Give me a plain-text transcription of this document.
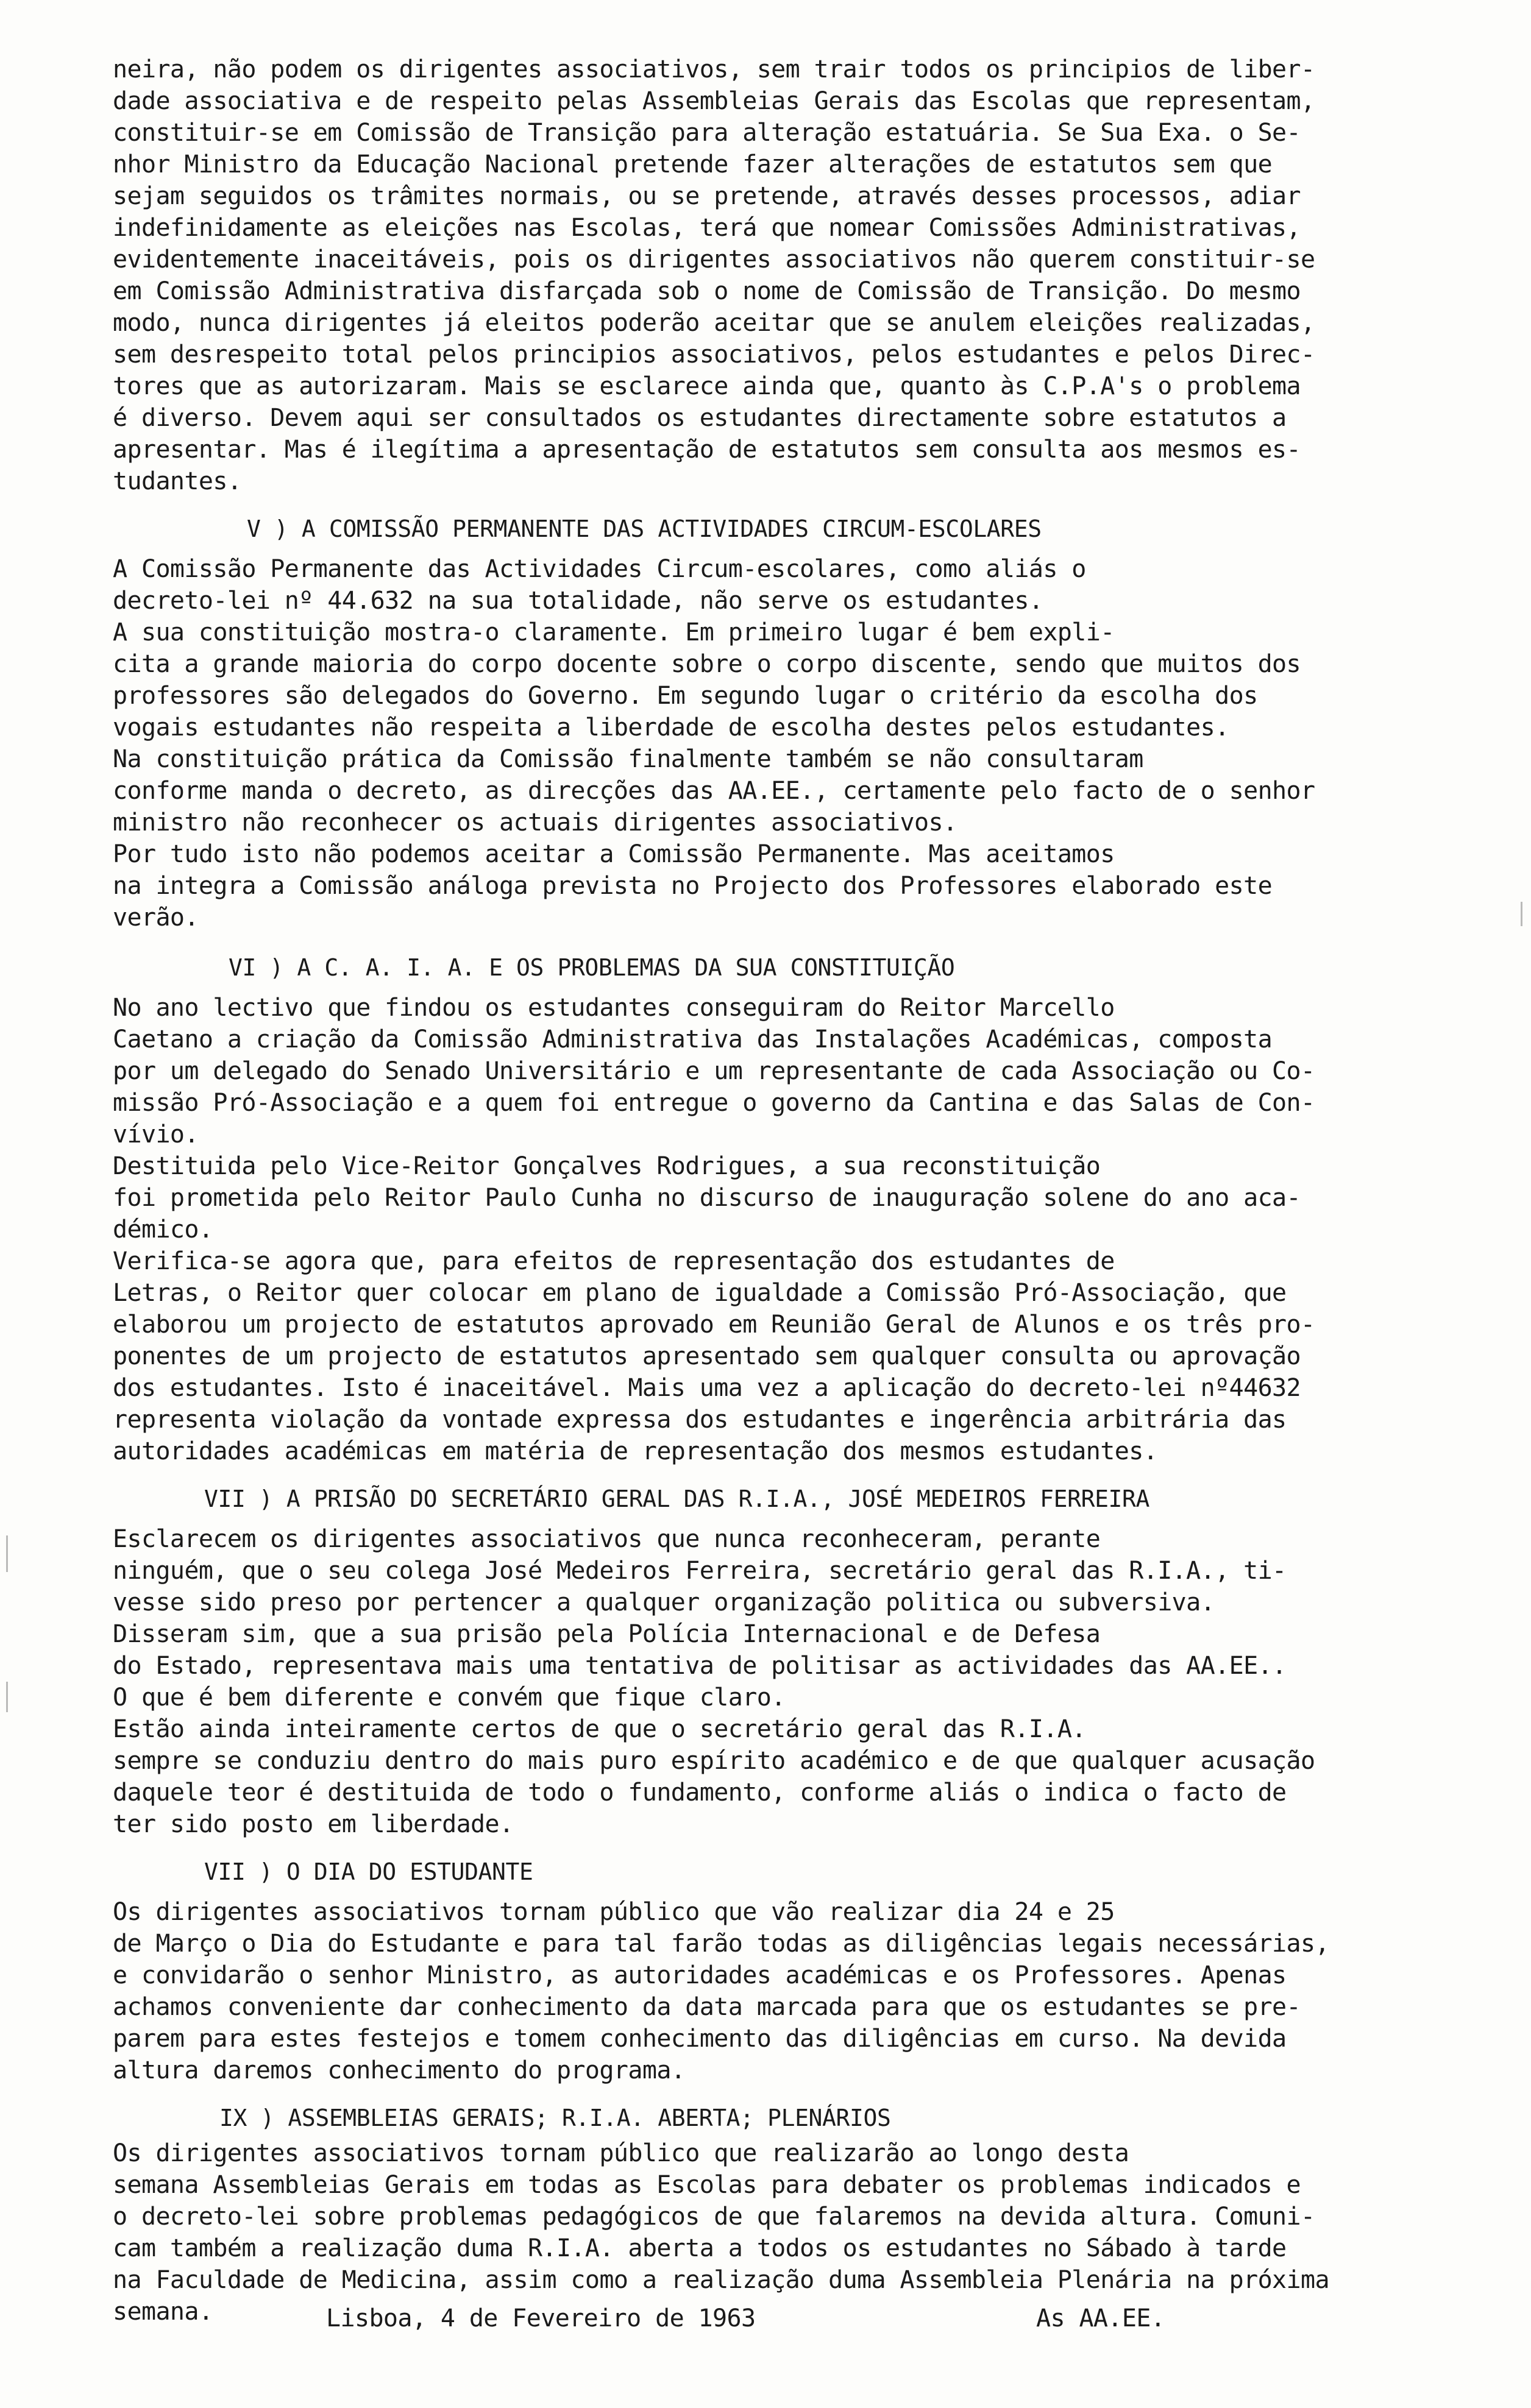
neira, não podem os dirigentes associativos, sem trair todos os principios de liber-
dade associativa e de respeito pelas Assembleias Gerais das Escolas que representam,
constituir-se em Comissão de Transição para alteração estatuária. Se Sua Exa. o Se-
nhor Ministro da Educação Nacional pretende fazer alterações de estatutos sem que
sejam seguidos os trâmites normais, ou se pretende, através desses processos, adiar
indefinidamente as eleições nas Escolas, terá que nomear Comissões Administrativas,
evidentemente inaceitáveis, pois os dirigentes associativos não querem constituir-se
em Comissão Administrativa disfarçada sob o nome de Comissão de Transição. Do mesmo
modo, nunca dirigentes já eleitos poderão aceitar que se anulem eleições realizadas,
sem desrespeito total pelos principios associativos, pelos estudantes e pelos Direc-
tores que as autorizaram. Mais se esclarece ainda que, quanto às C.P.A's o problema
é diverso. Devem aqui ser consultados os estudantes directamente sobre estatutos a
apresentar. Mas é ilegítima a apresentação de estatutos sem consulta aos mesmos es-
tudantes.
V ) A COMISSÃO PERMANENTE DAS ACTIVIDADES CIRCUM-ESCOLARES
A Comissão Permanente das Actividades Circum-escolares, como aliás o
decreto-lei nº 44.632 na sua totalidade, não serve os estudantes.
A sua constituição mostra-o claramente. Em primeiro lugar é bem expli-
cita a grande maioria do corpo docente sobre o corpo discente, sendo que muitos dos
professores são delegados do Governo. Em segundo lugar o critério da escolha dos
vogais estudantes não respeita a liberdade de escolha destes pelos estudantes.
Na constituição prática da Comissão finalmente também se não consultaram
conforme manda o decreto, as direcções das AA.EE., certamente pelo facto de o senhor
ministro não reconhecer os actuais dirigentes associativos.
Por tudo isto não podemos aceitar a Comissão Permanente. Mas aceitamos
na integra a Comissão análoga prevista no Projecto dos Professores elaborado este
verão.
VI ) A C. A. I. A. E OS PROBLEMAS DA SUA CONSTITUIÇÃO
No ano lectivo que findou os estudantes conseguiram do Reitor Marcello
Caetano a criação da Comissão Administrativa das Instalações Académicas, composta
por um delegado do Senado Universitário e um representante de cada Associação ou Co-
missão Pró-Associação e a quem foi entregue o governo da Cantina e das Salas de Con-
vívio.
Destituida pelo Vice-Reitor Gonçalves Rodrigues, a sua reconstituição
foi prometida pelo Reitor Paulo Cunha no discurso de inauguração solene do ano aca-
démico.
Verifica-se agora que, para efeitos de representação dos estudantes de
Letras, o Reitor quer colocar em plano de igualdade a Comissão Pró-Associação, que
elaborou um projecto de estatutos aprovado em Reunião Geral de Alunos e os três pro-
ponentes de um projecto de estatutos apresentado sem qualquer consulta ou aprovação
dos estudantes. Isto é inaceitável. Mais uma vez a aplicação do decreto-lei nº44632
representa violação da vontade expressa dos estudantes e ingerência arbitrária das
autoridades académicas em matéria de representação dos mesmos estudantes.
VII ) A PRISÃO DO SECRETÁRIO GERAL DAS R.I.A., JOSÉ MEDEIROS FERREIRA
Esclarecem os dirigentes associativos que nunca reconheceram, perante
ninguém, que o seu colega José Medeiros Ferreira, secretário geral das R.I.A., ti-
vesse sido preso por pertencer a qualquer organização politica ou subversiva.
Disseram sim, que a sua prisão pela Polícia Internacional e de Defesa
do Estado, representava mais uma tentativa de politisar as actividades das AA.EE..
O que é bem diferente e convém que fique claro.
Estão ainda inteiramente certos de que o secretário geral das R.I.A.
sempre se conduziu dentro do mais puro espírito académico e de que qualquer acusação
daquele teor é destituida de todo o fundamento, conforme aliás o indica o facto de
ter sido posto em liberdade.
VII ) O DIA DO ESTUDANTE
Os dirigentes associativos tornam público que vão realizar dia 24 e 25
de Março o Dia do Estudante e para tal farão todas as diligências legais necessárias,
e convidarão o senhor Ministro, as autoridades académicas e os Professores. Apenas
achamos conveniente dar conhecimento da data marcada para que os estudantes se pre-
parem para estes festejos e tomem conhecimento das diligências em curso. Na devida
altura daremos conhecimento do programa.
IX ) ASSEMBLEIAS GERAIS; R.I.A. ABERTA; PLENÁRIOS
Os dirigentes associativos tornam público que realizarão ao longo desta
semana Assembleias Gerais em todas as Escolas para debater os problemas indicados e
o decreto-lei sobre problemas pedagógicos de que falaremos na devida altura. Comuni-
cam também a realização duma R.I.A. aberta a todos os estudantes no Sábado à tarde
na Faculdade de Medicina, assim como a realização duma Assembleia Plenária na próxima
semana.	Lisboa, 4 de Fevereiro de 1963	As AA.EE.
